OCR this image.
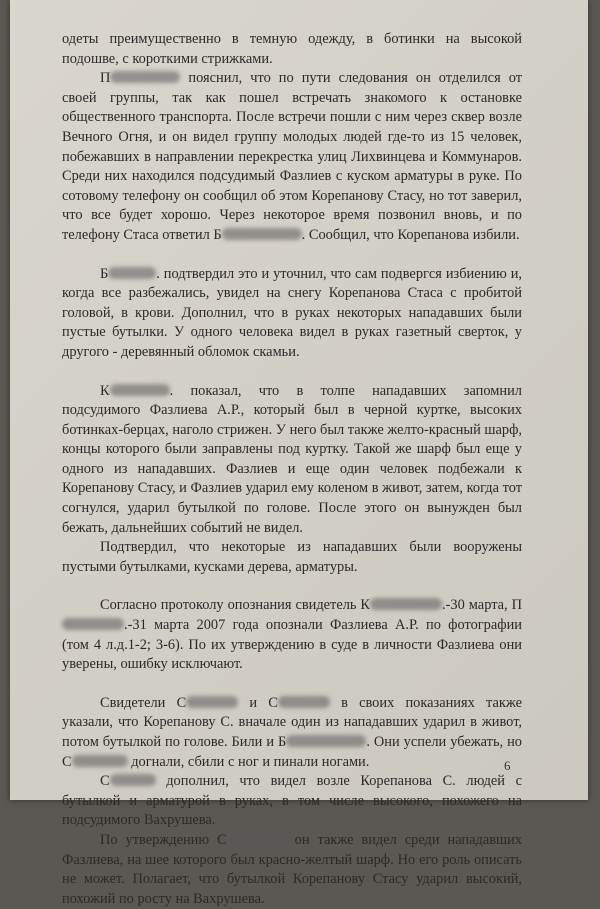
одеты преимущественно в темную одежду, в ботинки на высокой подошве, с короткими стрижками.

П	пояснил, что по пути следования он отделился от своей группы, так как пошел встречать знакомого к остановке общественного транспорта. После встречи пошли с ним через сквер возле Вечного Огня, и он видел группу молодых людей где-то из 15 человек, побежавших в направлении перекрестка улиц Лихвинцева и Коммунаров. Среди них находился подсудимый Фазлиев с куском арматуры в руке. По сотовому телефону он сообщил об этом Корепанову Стасу, но тот заверил, что все будет хорошо. Через некоторое время позвонил вновь, и по телефону Стаса ответил Б	. Сообщил, что Корепанова избили.

Б	. подтвердил это и уточнил, что сам подвергся избиению и, когда все разбежались, увидел на снегу Корепанова Стаса с пробитой головой, в крови. Дополнил, что в руках некоторых нападавших были пустые бутылки. У одного человека видел в руках газетный сверток, у другого - деревянный обломок скамьи.

К	. показал, что в толпе нападавших запомнил подсудимого Фазлиева А.Р., который был в черной куртке, высоких ботинках-берцах, наголо стрижен. У него был также желто-красный шарф, концы которого были заправлены под куртку. Такой же шарф был еще у одного из нападавших. Фазлиев и еще один человек подбежали к Корепанову Стасу, и Фазлиев ударил ему коленом в живот, затем, когда тот согнулся, ударил бутылкой по голове. После этого он вынужден был бежать, дальнейших событий не видел.

Подтвердил, что некоторые из нападавших были вооружены пустыми бутылками, кусками дерева, арматуры.

Согласно протоколу опознания свидетель К	.-30 марта, П.-31 марта 2007 года опознали Фазлиева А.Р. по фотографии (том 4 л.д.1-2; 3-6). По их утверждению в суде в личности Фазлиева они уверены, ошибку исключают.

Свидетели С	и С	в своих показаниях также указали, что Корепанову С. вначале один из нападавших ударил в живот, потом бутылкой по голове. Били и Б	. Они успели убежать, но С	догнали, сбили с ног и пинали ногами.

С	дополнил, что видел возле Корепанова С. людей с бутылкой и арматурой в руках, в том числе высокого, похожего на подсудимого Вахрушева.

По утверждению С	он также видел среди нападавших Фазлиева, на шее которого был красно-желтый шарф. Но его роль описать не может. Полагает, что бутылкой Корепанову Стасу ударил высокий, похожий по росту на Вахрушева.

6
